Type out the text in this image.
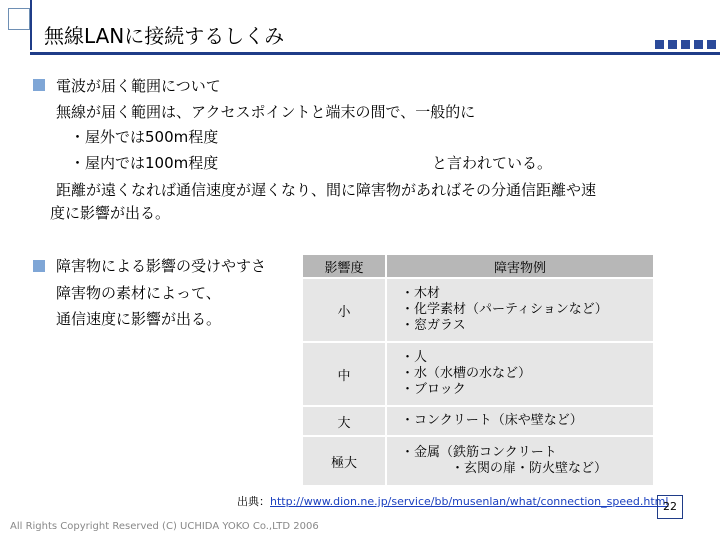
無線LANに接続するしくみ
電波が届く範囲について
無線が届く範囲は、アクセスポイントと端末の間で、一般的に
・屋外では500m程度
・屋内では100m程度	と言われている。
距離が遠くなれば通信速度が遅くなり、間に障害物があればその分通信距離や速
度に影響が出る。
障害物による影響の受けやすさ
障害物の素材によって、
通信速度に影響が出る。
影響度	障害物例
小	・木材
・化学素材（パーティションなど）
・窓ガラス

中	・人
・水（水槽の水など）
・ブロック

大	・コンクリート（床や壁など）

極大	・金属（鉄筋コンクリート
・玄関の扉・防火壁など）
出典：http://www.dion.ne.jp/service/bb/musenlan/what/connection_speed.html
22
All Rights Copyright Reserved (C) UCHIDA YOKO Co.,LTD 2006
